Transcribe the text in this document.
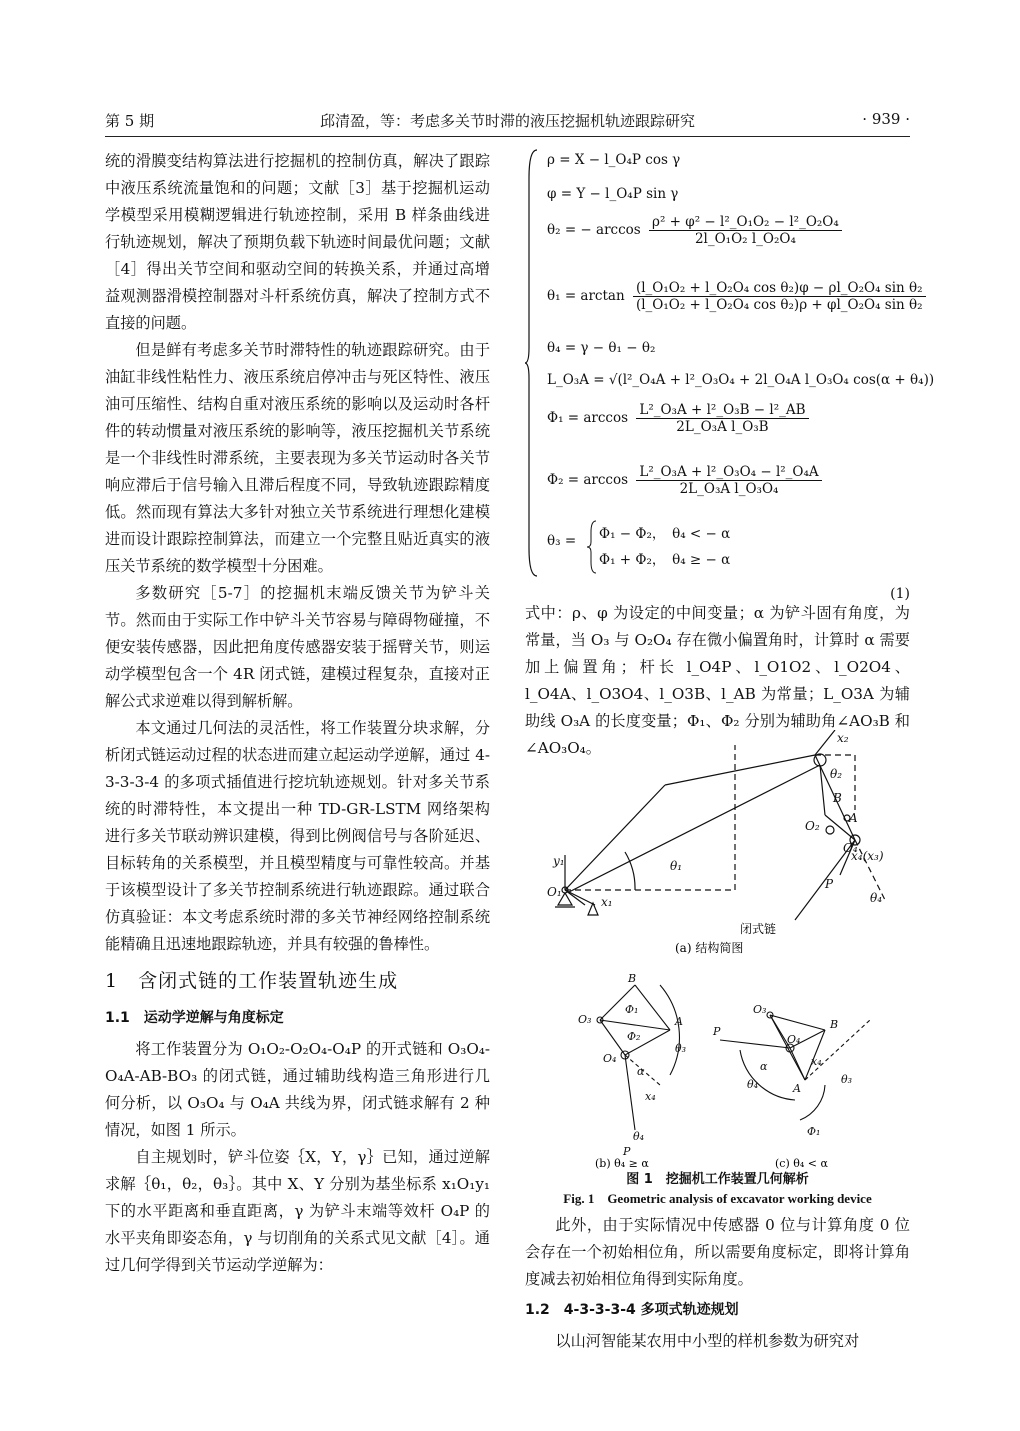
第 5 期	邱清盈，等：考虑多关节时滞的液压挖掘机轨迹跟踪研究	· 939 ·

统的滑膜变结构算法进行挖掘机的控制仿真，解决了跟踪中液压系统流量饱和的问题；文献［3］基于挖掘机运动学模型采用模糊逻辑进行轨迹控制，采用 B 样条曲线进行轨迹规划，解决了预期负载下轨迹时间最优问题；文献［4］得出关节空间和驱动空间的转换关系，并通过高增益观测器滑模控制器对斗杆系统仿真，解决了控制方式不直接的问题。

但是鲜有考虑多关节时滞特性的轨迹跟踪研究。由于油缸非线性粘性力、液压系统启停冲击与死区特性、液压油可压缩性、结构自重对液压系统的影响以及运动时各杆件的转动惯量对液压系统的影响等，液压挖掘机关节系统是一个非线性时滞系统，主要表现为多关节运动时各关节响应滞后于信号输入且滞后程度不同，导致轨迹跟踪精度低。然而现有算法大多针对独立关节系统进行理想化建模进而设计跟踪控制算法，而建立一个完整且贴近真实的液压关节系统的数学模型十分困难。

多数研究［5-7］的挖掘机末端反馈关节为铲斗关节。然而由于实际工作中铲斗关节容易与障碍物碰撞，不便安装传感器，因此把角度传感器安装于摇臂关节，则运动学模型包含一个 4R 闭式链，建模过程复杂，直接对正解公式求逆难以得到解析解。

本文通过几何法的灵活性，将工作装置分块求解，分析闭式链运动过程的状态进而建立起运动学逆解，通过 4-3-3-3-4 的多项式插值进行挖坑轨迹规划。针对多关节系统的时滞特性，本文提出一种 TD-GR-LSTM 网络架构进行多关节联动辨识建模，得到比例阀信号与各阶延迟、目标转角的关系模型，并且模型精度与可靠性较高。并基于该模型设计了多关节控制系统进行轨迹跟踪。通过联合仿真验证：本文考虑系统时滞的多关节神经网络控制系统能精确且迅速地跟踪轨迹，并具有较强的鲁棒性。

1　含闭式链的工作装置轨迹生成
1.1　运动学逆解与角度标定

将工作装置分为 O₁O₂-O₂O₄-O₄P 的开式链和 O₃O₄-O₄A-AB-BO₃ 的闭式链，通过辅助线构造三角形进行几何分析，以 O₃O₄ 与 O₄A 共线为界，闭式链求解有 2 种情况，如图 1 所示。

自主规划时，铲斗位姿｛X，Y，γ｝已知，通过逆解求解｛θ₁，θ₂，θ₃｝。其中 X、Y 分别为基坐标系 x₁O₁y₁ 下的水平距离和垂直距离，γ 为铲斗末端等效杆 O₄P 的水平夹角即姿态角，γ 与切削角的关系式见文献［4］。通过几何学得到关节运动学逆解为：

ρ = X − l_O₄P cos γ
φ = Y − l_O₄P sin γ
θ₂ = − $\arccos \frac{\text{ρ² + φ² − l²\_O₁O₂ − l²\_O₂O₄}}{\text{2l\_O₁O₂ l\_O₂O₄}}$
$\theta_1 = \arctan \frac{\text{(l\_O₁O₂ + l\_O₂O₄ cos θ₂)φ − ρl\_O₂O₄ sin θ₂}}{\text{(l\_O₁O₂ + l\_O₂O₄ cos θ₂)ρ + φl\_O₂O₄ sin θ₂}}$
θ₄ = γ − θ₁ − θ₂
L_O₃A = √(l²_O₄A + l²_O₃O₄ + 2l_O₄A l_O₃O₄ cos(α + θ₄))
$\Phi_1 = \arccos \frac{\text{L²\_O₃A + l²\_O₃B − l²\_AB}}{\text{2L\_O₃A l\_O₃B}}$
$\Phi_2 = \arccos \frac{\text{L²\_O₃A + l²\_O₃O₄ − l²\_O₄A}}{\text{2L\_O₃A l\_O₃O₄}}$
θ₃ = Φ₁ − Φ₂，　θ₄ < − α
Φ₁ + Φ₂，　θ₄ ≥ − α
(1)

式中：ρ、φ 为设定的中间变量；α 为铲斗固有角度，为常量，当 O₃ 与 O₂O₄ 存在微小偏置角时，计算时 α 需要加上偏置角；杆长 l_O4P、l_O1O2、l_O2O4、l_O4A、l_O3O4、l_O3B、l_AB 为常量；L_O3A 为辅助线 O₃A 的长度变量；Φ₁、Φ₂ 分别为辅助角∠AO₃B 和∠AO₃O₄。

O₁
y₁
x₁
θ₁
θ₂
x₂
B
O₂
A
O₄
x₄(x₃)
P
θ₄
闭式链
(a) 结构简图
O₃
B
A
O₄
Φ₁
Φ₂
θ₃
α
x₄
θ₄
P
(b) θ₄ ≥ α
P
O₃
B
O₄
A
α
θ₄	θ₃
x₄
Φ₁
(c) θ₄ < α
图 1　挖掘机工作装置几何解析
Fig. 1　Geometric analysis of excavator working device

此外，由于实际情况中传感器 0 位与计算角度 0 位会存在一个初始相位角，所以需要角度标定，即将计算角度减去初始相位角得到实际角度。

1.2　4-3-3-3-4 多项式轨迹规划

以山河智能某农用中小型的样机参数为研究对
